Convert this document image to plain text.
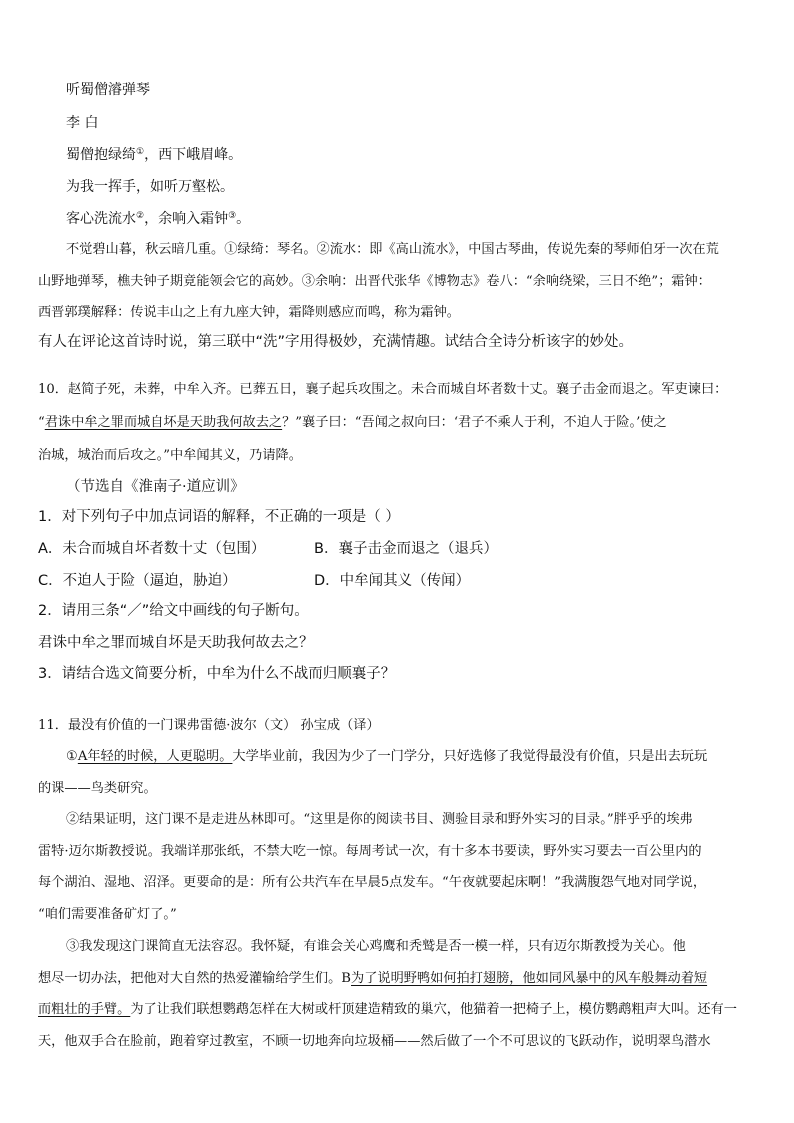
听蜀僧濬弹琴
李 白
蜀僧抱绿绮①，西下峨眉峰。
为我一挥手，如听万壑松。
客心洗流水②，余响入霜钟③。
不觉碧山暮，秋云暗几重。①绿绮：琴名。②流水：即《高山流水》，中国古琴曲，传说先秦的琴师伯牙一次在荒
山野地弹琴，樵夫钟子期竟能领会它的高妙。③余响：出晋代张华《博物志》卷八：“余响绕梁，三日不绝”；霜钟：
西晋郭璞解释：传说丰山之上有九座大钟，霜降则感应而鸣，称为霜钟。
有人在评论这首诗时说，第三联中“洗”字用得极妙，充满情趣。试结合全诗分析该字的妙处。
10．赵简子死，未葬，中牟入齐。已葬五日，襄子起兵攻围之。未合而城自坏者数十丈。襄子击金而退之。军吏谏曰：
“君诛中牟之罪而城自坏是天助我何故去之？”襄子曰：“吾闻之叔向曰：‘君子不乘人于利，不迫人于险。’使之
治城，城治而后攻之。”中牟闻其义，乃请降。
（节选自《淮南子·道应训》
1．对下列句子中加点词语的解释，不正确的一项是（ ）
A．未合而城自坏者数十丈（包围）	B．襄子击金而退之（退兵）
C．不迫人于险（逼迫，胁迫）	D．中牟闻其义（传闻）
2．请用三条“／”给文中画线的句子断句。
君诛中牟之罪而城自坏是天助我何故去之？
3．请结合选文简要分析，中牟为什么不战而归顺襄子？
11．最没有价值的一门课弗雷德·波尔（文） 孙宝成（译）
①A年轻的时候，人更聪明。大学毕业前，我因为少了一门学分，只好选修了我觉得最没有价值，只是出去玩玩
的课——鸟类研究。
②结果证明，这门课不是走进丛林即可。“这里是你的阅读书目、测验目录和野外实习的目录。”胖乎乎的埃弗
雷特·迈尔斯教授说。我端详那张纸，不禁大吃一惊。每周考试一次，有十多本书要读，野外实习要去一百公里内的
每个湖泊、湿地、沼泽。更要命的是：所有公共汽车在早晨5点发车。“午夜就要起床啊！”我满腹怨气地对同学说，
“咱们需要准备矿灯了。”
③我发现这门课简直无法容忍。我怀疑，有谁会关心鸡鹰和秃鹫是否一模一样，只有迈尔斯教授为关心。他
想尽一切办法，把他对大自然的热爱灌输给学生们。B为了说明野鸭如何拍打翅膀，他如同风暴中的风车般舞动着短
而粗壮的手臂。为了让我们联想鹦鹉怎样在大树或杆顶建造精致的巢穴，他猫着一把椅子上，模仿鹦鹉粗声大叫。还有一
天，他双手合在脸前，跑着穿过教室，不顾一切地奔向垃圾桶——然后做了一个不可思议的飞跃动作，说明翠鸟潜水
